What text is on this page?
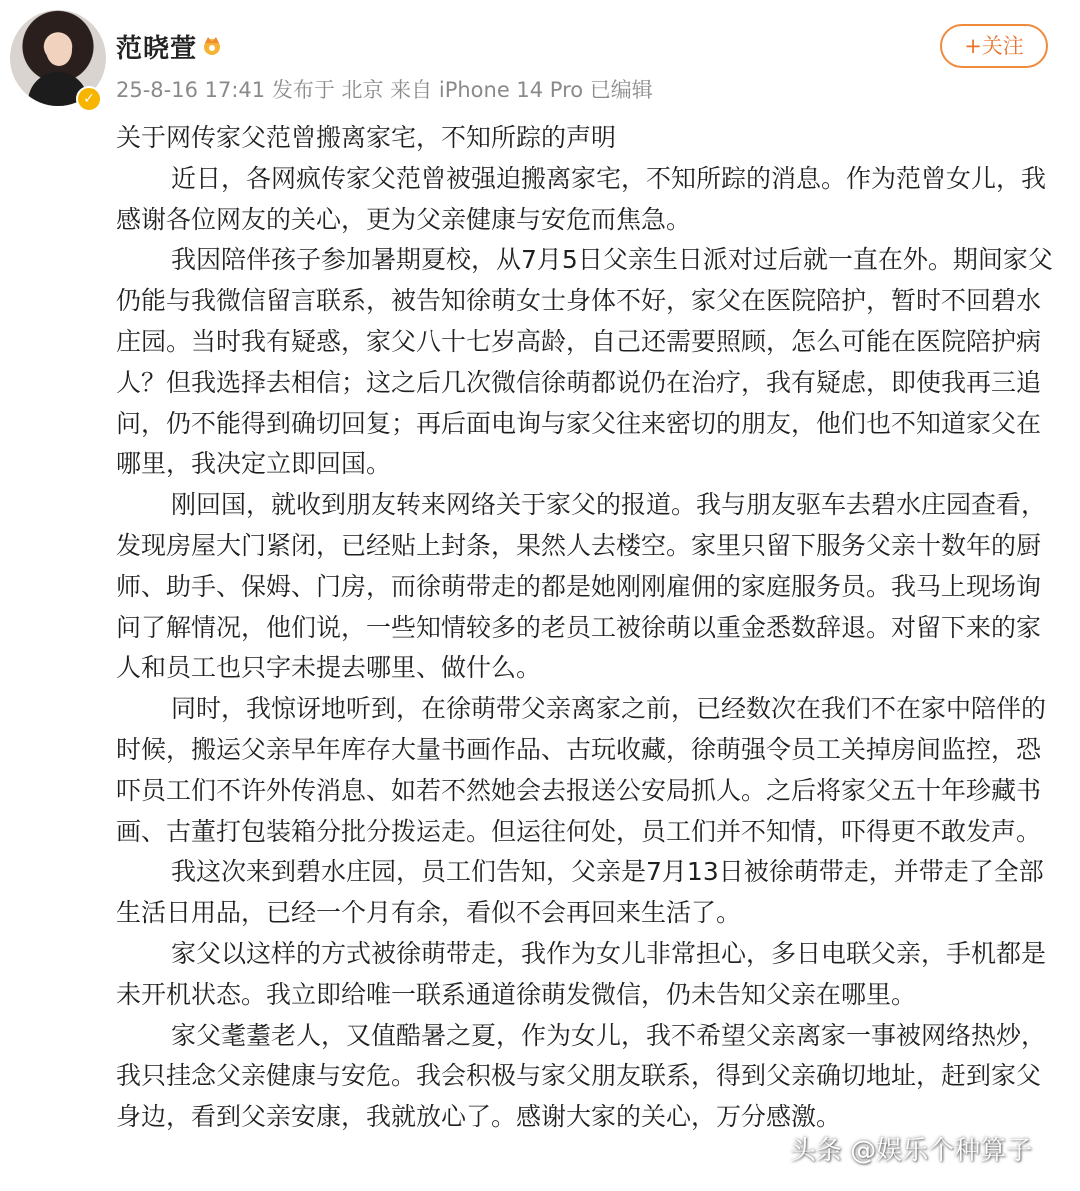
✓
范晓萱
25-8-16 17:41 发布于 北京 来自 iPhone 14 Pro 已编辑
+关注

关于网传家父范曾搬离家宅，不知所踪的声明

近日，各网疯传家父范曾被强迫搬离家宅，不知所踪的消息。作为范曾女儿，我感谢各位网友的关心，更为父亲健康与安危而焦急。

我因陪伴孩子参加暑期夏校，从7月5日父亲生日派对过后就一直在外。期间家父仍能与我微信留言联系，被告知徐萌女士身体不好，家父在医院陪护，暂时不回碧水庄园。当时我有疑惑，家父八十七岁高龄，自己还需要照顾，怎么可能在医院陪护病人？但我选择去相信；这之后几次微信徐萌都说仍在治疗，我有疑虑，即使我再三追问，仍不能得到确切回复；再后面电询与家父往来密切的朋友，他们也不知道家父在哪里，我决定立即回国。

刚回国，就收到朋友转来网络关于家父的报道。我与朋友驱车去碧水庄园查看，发现房屋大门紧闭，已经贴上封条，果然人去楼空。家里只留下服务父亲十数年的厨师、助手、保姆、门房，而徐萌带走的都是她刚刚雇佣的家庭服务员。我马上现场询问了解情况，他们说，一些知情较多的老员工被徐萌以重金悉数辞退。对留下来的家人和员工也只字未提去哪里、做什么。

同时，我惊讶地听到，在徐萌带父亲离家之前，已经数次在我们不在家中陪伴的时候，搬运父亲早年库存大量书画作品、古玩收藏，徐萌强令员工关掉房间监控，恐吓员工们不许外传消息、如若不然她会去报送公安局抓人。之后将家父五十年珍藏书画、古董打包装箱分批分拨运走。但运往何处，员工们并不知情，吓得更不敢发声。

我这次来到碧水庄园，员工们告知，父亲是7月13日被徐萌带走，并带走了全部生活日用品，已经一个月有余，看似不会再回来生活了。

家父以这样的方式被徐萌带走，我作为女儿非常担心，多日电联父亲，手机都是未开机状态。我立即给唯一联系通道徐萌发微信，仍未告知父亲在哪里。

家父耄耋老人，又值酷暑之夏，作为女儿，我不希望父亲离家一事被网络热炒，我只挂念父亲健康与安危。我会积极与家父朋友联系，得到父亲确切地址，赶到家父身边，看到父亲安康，我就放心了。感谢大家的关心，万分感激。

头条 @娱乐个种算子
